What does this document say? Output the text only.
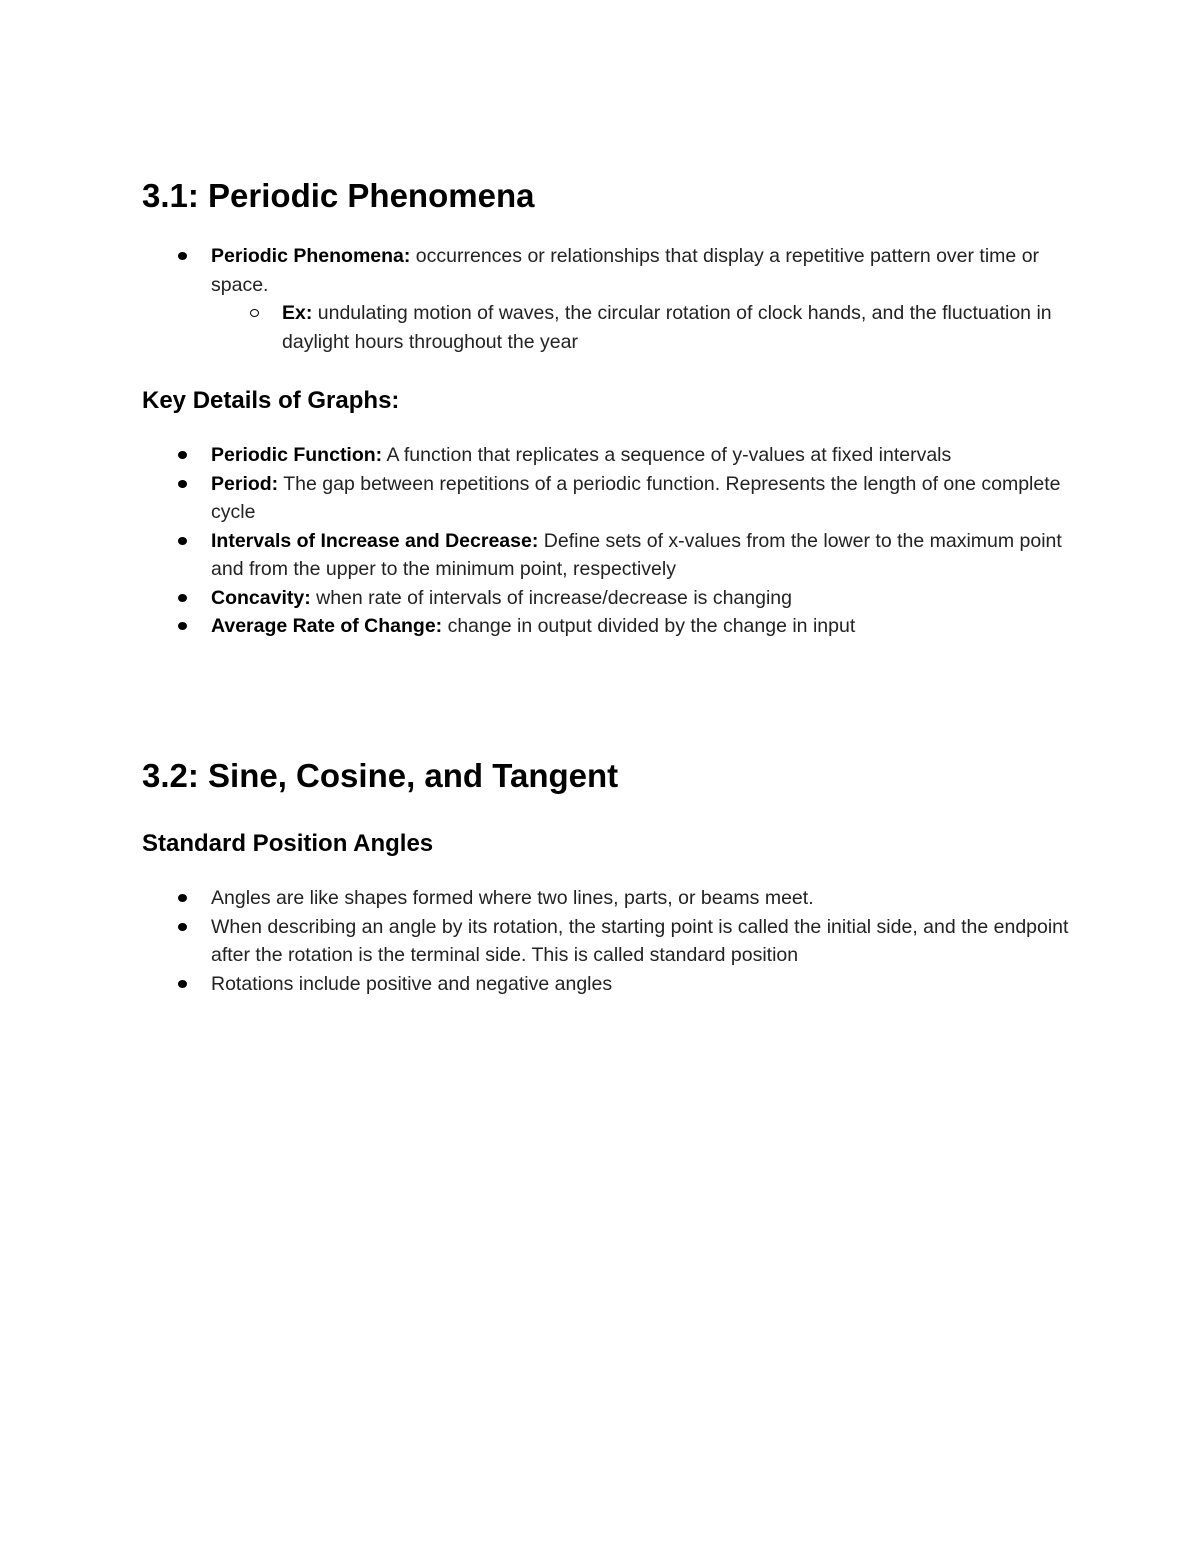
3.1: Periodic Phenomena
Periodic Phenomena: occurrences or relationships that display a repetitive pattern over time or space.
Ex: undulating motion of waves, the circular rotation of clock hands, and the fluctuation in daylight hours throughout the year
Key Details of Graphs:
Periodic Function: A function that replicates a sequence of y-values at fixed intervals
Period: The gap between repetitions of a periodic function. Represents the length of one complete cycle
Intervals of Increase and Decrease: Define sets of x-values from the lower to the maximum point and from the upper to the minimum point, respectively
Concavity: when rate of intervals of increase/decrease is changing
Average Rate of Change: change in output divided by the change in input
3.2: Sine, Cosine, and Tangent
Standard Position Angles
Angles are like shapes formed where two lines, parts, or beams meet.
When describing an angle by its rotation, the starting point is called the initial side, and the endpoint after the rotation is the terminal side. This is called standard position
Rotations include positive and negative angles
